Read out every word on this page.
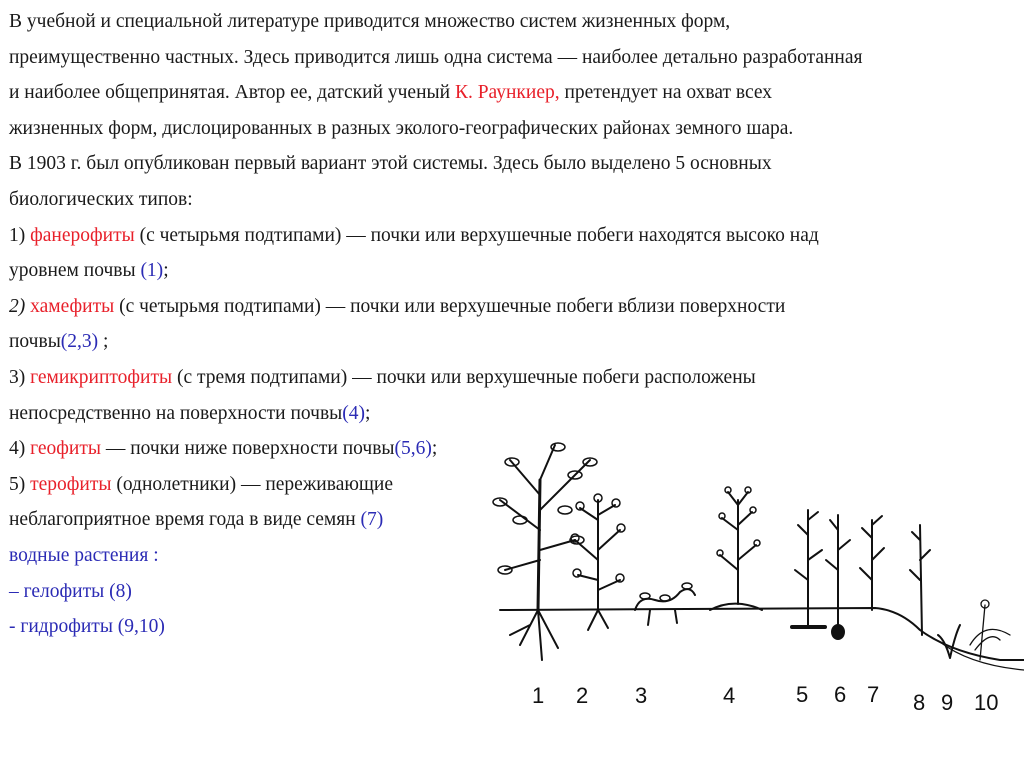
В учебной и специальной литературе приводится множество систем жизненных форм,
преимущественно частных. Здесь приводится лишь одна система — наиболее детально разработанная
и наиболее общепринятая. Автор ее, датский ученый К. Раункиер, претендует на охват всех
жизненных форм, дислоцированных в разных эколого-географических районах земного шара.
В 1903 г. был опубликован первый вариант этой системы. Здесь было выделено 5 основных
биологических типов:
1) фанерофиты (с четырьмя подтипами) — почки или верхушечные побеги находятся высоко над
уровнем почвы (1);
2) хамефиты (с четырьмя подтипами) — почки или верхушечные побеги вблизи поверхности
почвы(2,3) ;
3) гемикриптофиты (с тремя подтипами) — почки или верхушечные побеги расположены
непосредственно на поверхности почвы(4);
4) геофиты — почки ниже поверхности почвы(5,6);
5) терофиты (однолетники) — переживающие
неблагоприятное время года в виде семян (7)
водные растения :
– гелофиты (8)
- гидрофиты (9,10)
1 2 3	4	5 6 7 8 9 10
